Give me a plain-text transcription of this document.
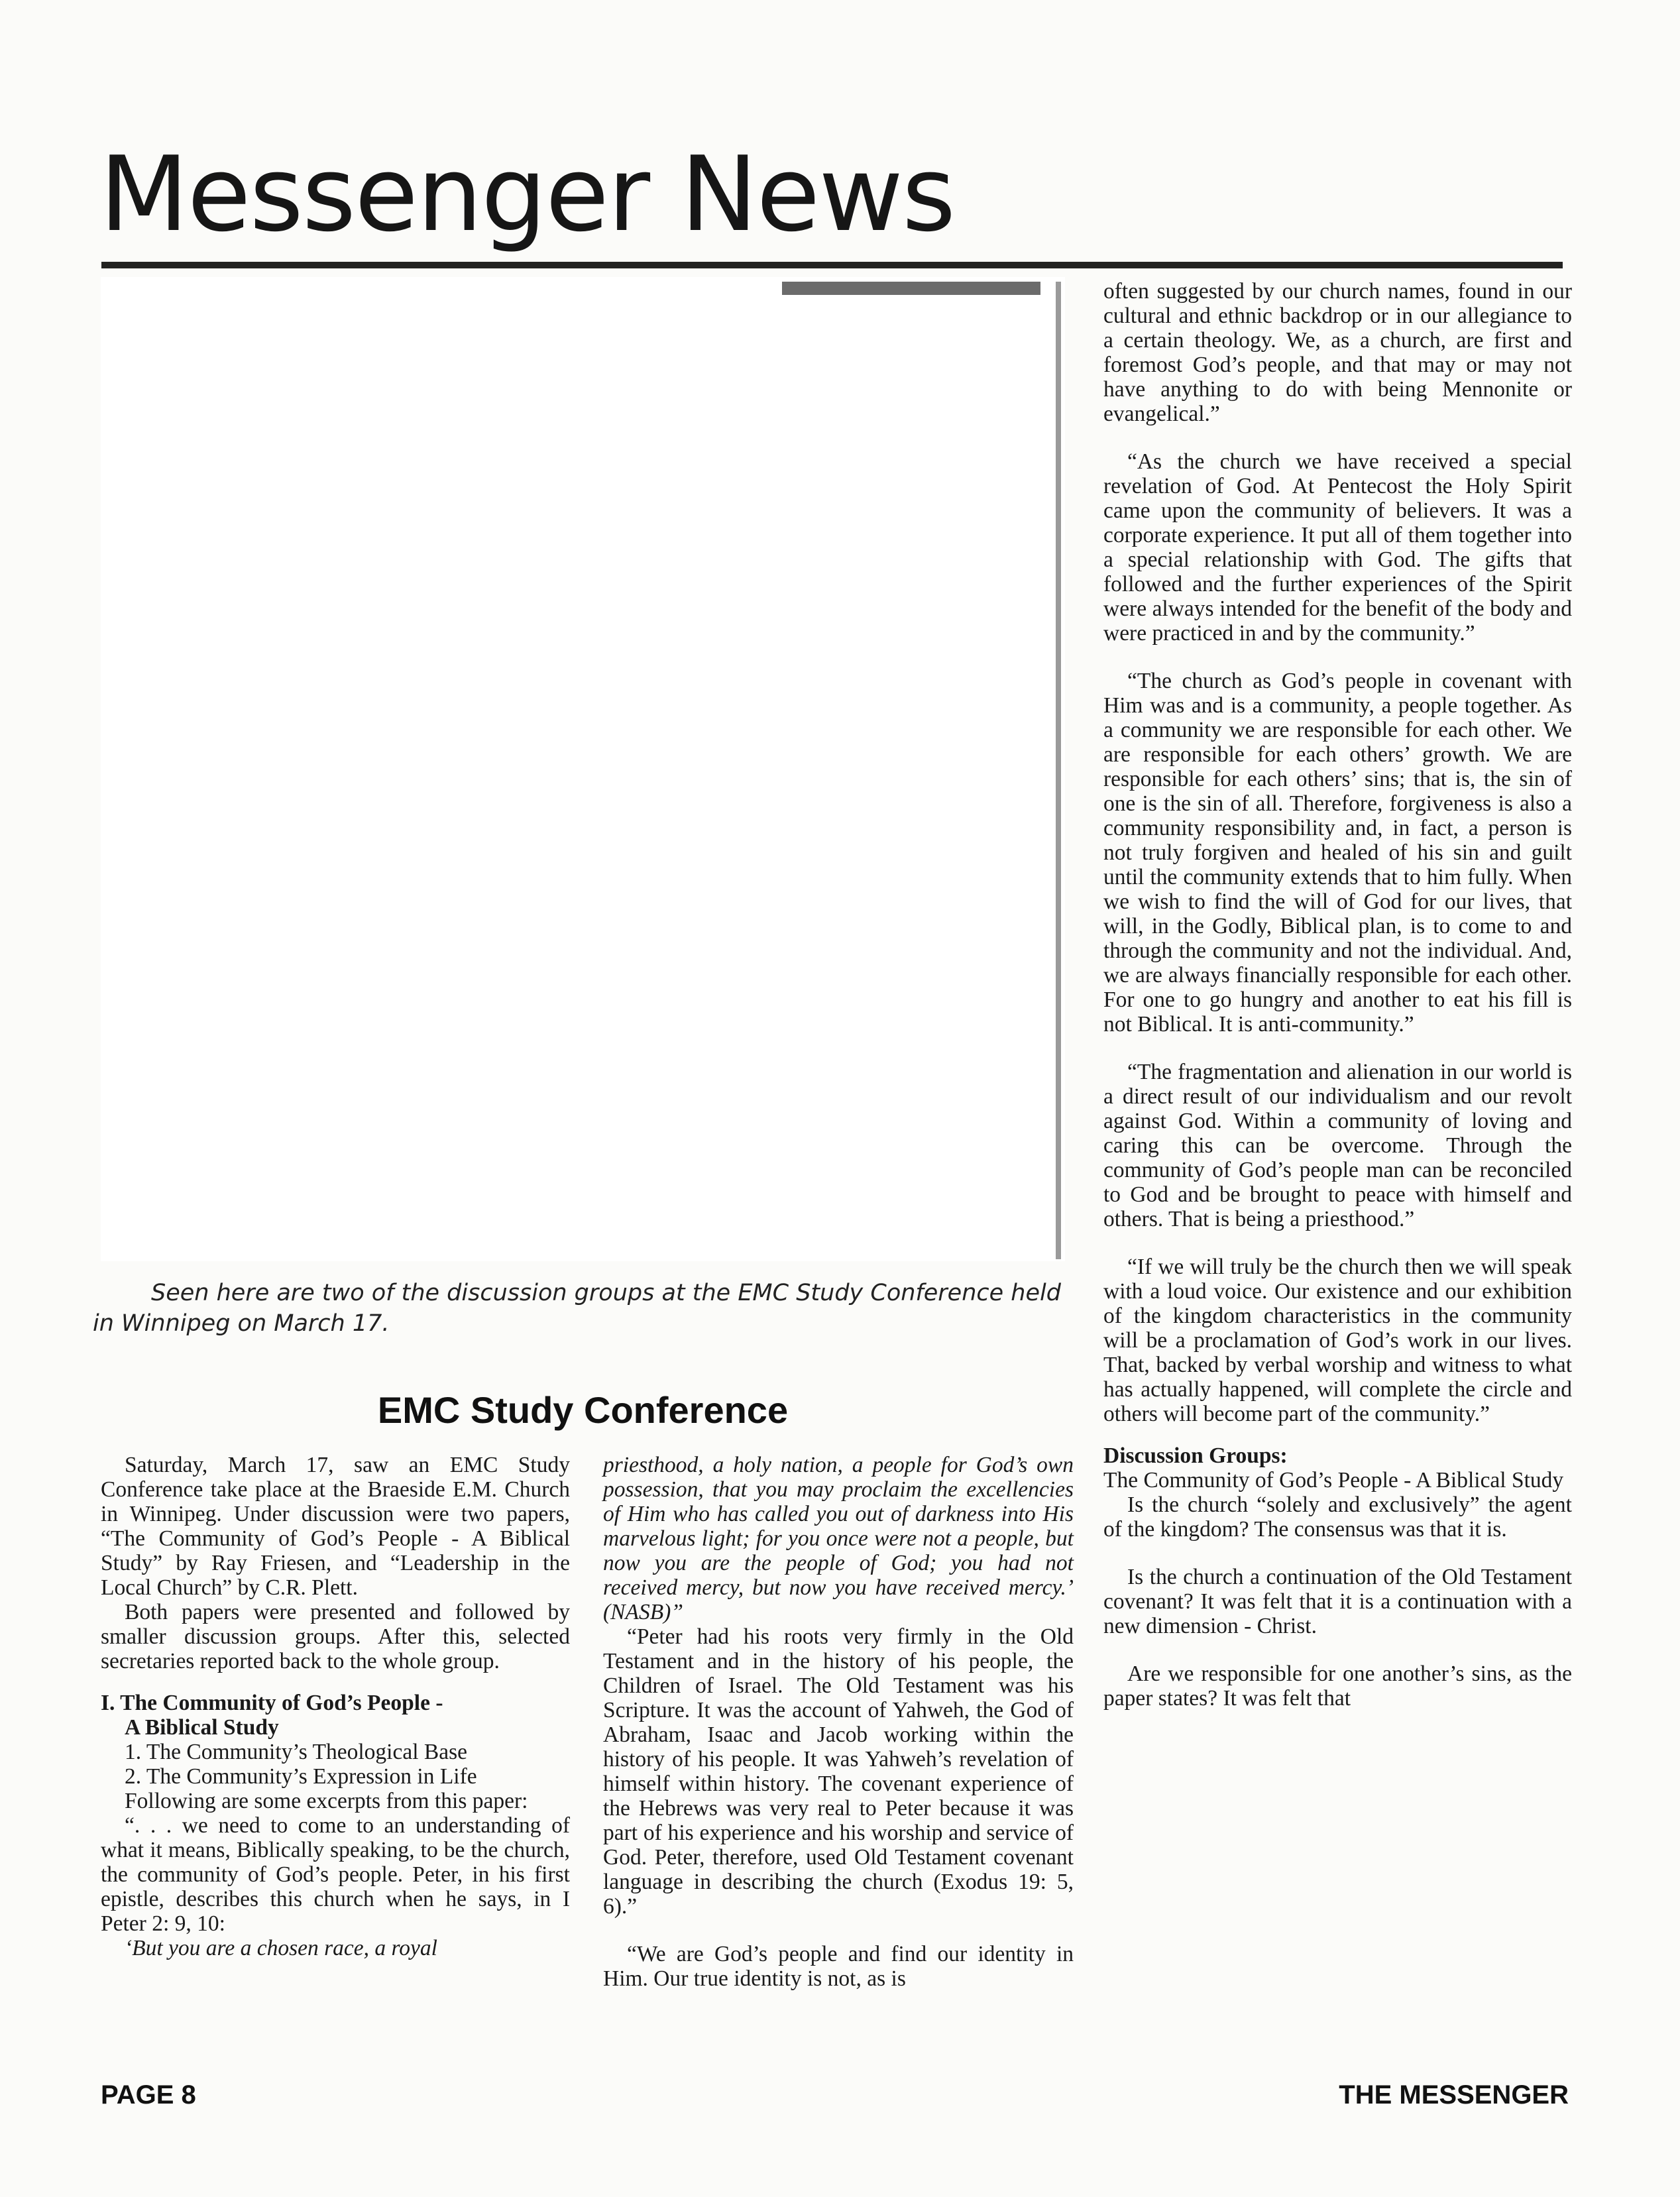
Messenger News

Seen here are two of the discussion groups at the EMC Study Conference held in Winnipeg on March 17.

EMC Study Conference

Saturday, March 17, saw an EMC Study Conference take place at the Braeside E.M. Church in Winnipeg. Under discussion were two papers, “The Community of God’s People - A Biblical Study” by Ray Friesen, and “Leadership in the Local Church” by C.R. Plett.

Both papers were presented and followed by smaller discussion groups. After this, selected secretaries reported back to the whole group.

I. The Community of God’s People -

A Biblical Study

1. The Community’s Theological Base

2. The Community’s Expression in Life

Following are some excerpts from this paper:

“. . . we need to come to an understanding of what it means, Biblically speaking, to be the church, the community of God’s people. Peter, in his first epistle, describes this church when he says, in I Peter 2: 9, 10:

‘But you are a chosen race, a royal

priesthood, a holy nation, a people for God’s own possession, that you may proclaim the excellencies of Him who has called you out of darkness into His marvelous light; for you once were not a people, but now you are the people of God; you had not received mercy, but now you have received mercy.’ (NASB)”

“Peter had his roots very firmly in the Old Testament and in the history of his people, the Children of Israel. The Old Testament was his Scripture. It was the account of Yahweh, the God of Abraham, Isaac and Jacob working within the history of his people. It was Yahweh’s revelation of himself within history. The covenant experience of the Hebrews was very real to Peter because it was part of his experience and his worship and service of God. Peter, therefore, used Old Testament covenant language in describing the church (Exodus 19: 5, 6).”

“We are God’s people and find our identity in Him. Our true identity is not, as is

often suggested by our church names, found in our cultural and ethnic backdrop or in our allegiance to a certain theology. We, as a church, are first and foremost God’s people, and that may or may not have anything to do with being Mennonite or evangelical.”

“As the church we have received a special revelation of God. At Pentecost the Holy Spirit came upon the community of believers. It was a corporate experience. It put all of them together into a special relationship with God. The gifts that followed and the further experiences of the Spirit were always intended for the benefit of the body and were practiced in and by the community.”

“The church as God’s people in covenant with Him was and is a community, a people together. As a community we are responsible for each other. We are responsible for each others’ growth. We are responsible for each others’ sins; that is, the sin of one is the sin of all. Therefore, forgiveness is also a community responsibility and, in fact, a person is not truly forgiven and healed of his sin and guilt until the community extends that to him fully. When we wish to find the will of God for our lives, that will, in the Godly, Biblical plan, is to come to and through the community and not the individual. And, we are always financially responsible for each other. For one to go hungry and another to eat his fill is not Biblical. It is anti-community.”

“The fragmentation and alienation in our world is a direct result of our individualism and our revolt against God. Within a community of loving and caring this can be overcome. Through the community of God’s people man can be reconciled to God and be brought to peace with himself and others. That is being a priesthood.”

“If we will truly be the church then we will speak with a loud voice. Our existence and our exhibition of the kingdom characteristics in the community will be a proclamation of God’s work in our lives. That, backed by verbal worship and witness to what has actually happened, will complete the circle and others will become part of the community.”

Discussion Groups:

The Community of God’s People - A Biblical Study

Is the church “solely and exclusively” the agent of the kingdom? The consensus was that it is.

Is the church a continuation of the Old Testament covenant? It was felt that it is a continuation with a new dimension - Christ.

Are we responsible for one another’s sins, as the paper states? It was felt that

PAGE 8	THE MESSENGER
